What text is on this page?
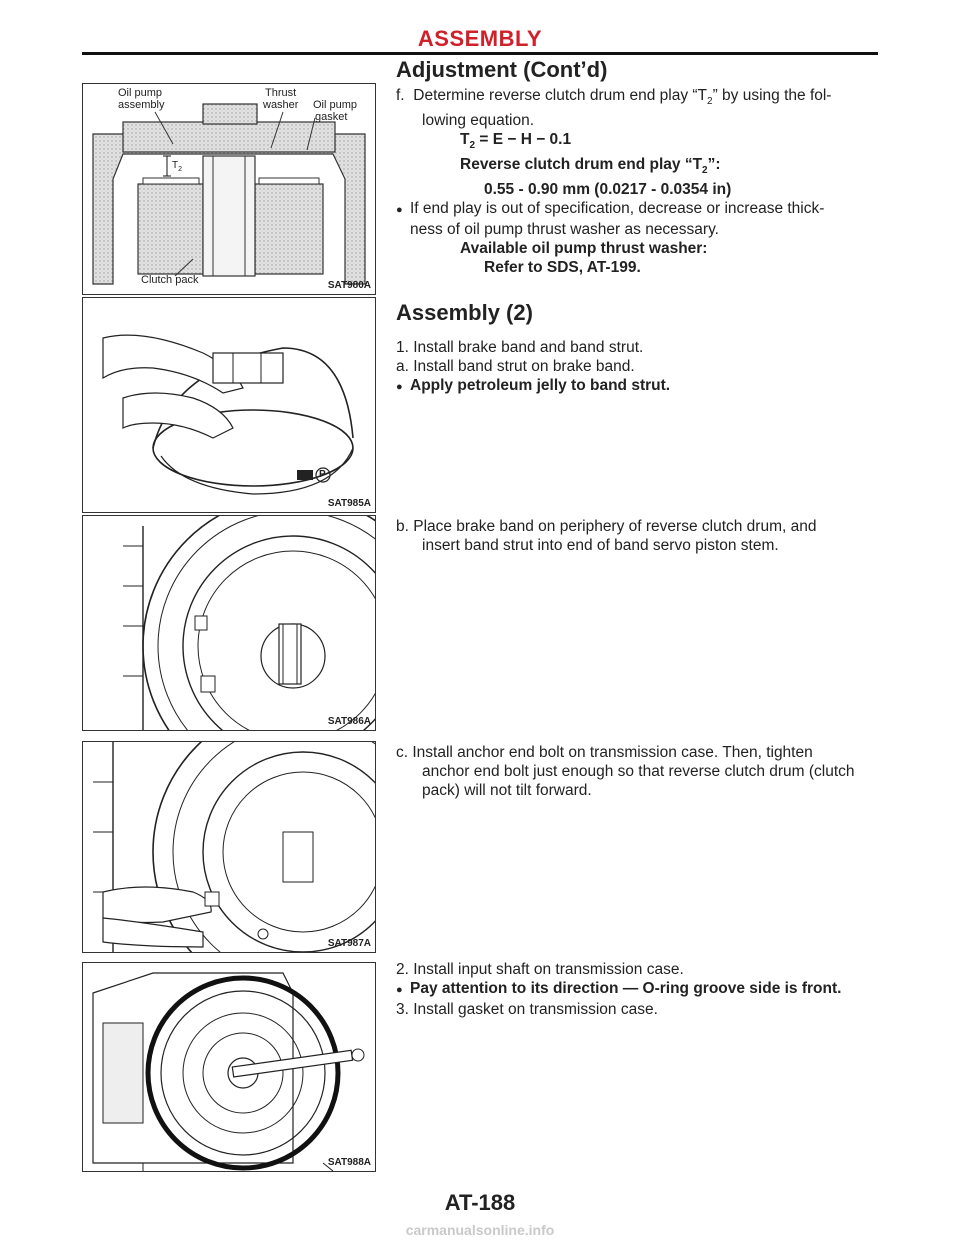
ASSEMBLY
Adjustment (Cont’d)
Oil pump
assembly
Thrust
washer Oil pump
gasket
$T_2$
Clutch pack	SAT980A
P
SAT985A
SAT986A
SAT987A
SAT988A

f. Determine reverse clutch drum end play “$T_2$” by using the fol-
lowing equation.

$T_2 = E - H - 0.1$

Reverse clutch drum end play “$T_2$”:

0.55 - 0.90 mm (0.0217 - 0.0354 in)

● If end play is out of specification, decrease or increase thick-
ness of oil pump thrust washer as necessary.

Available oil pump thrust washer:

Refer to SDS, AT-199.

Assembly (2)

1. Install brake band and band strut.

a. Install band strut on brake band.

● Apply petroleum jelly to band strut.

b. Place brake band on periphery of reverse clutch drum, and
insert band strut into end of band servo piston stem.

c. Install anchor end bolt on transmission case. Then, tighten
anchor end bolt just enough so that reverse clutch drum (clutch
pack) will not tilt forward.

2. Install input shaft on transmission case.

● Pay attention to its direction — O-ring groove side is front.

3. Install gasket on transmission case.

AT-188
carmanualsonline.info
